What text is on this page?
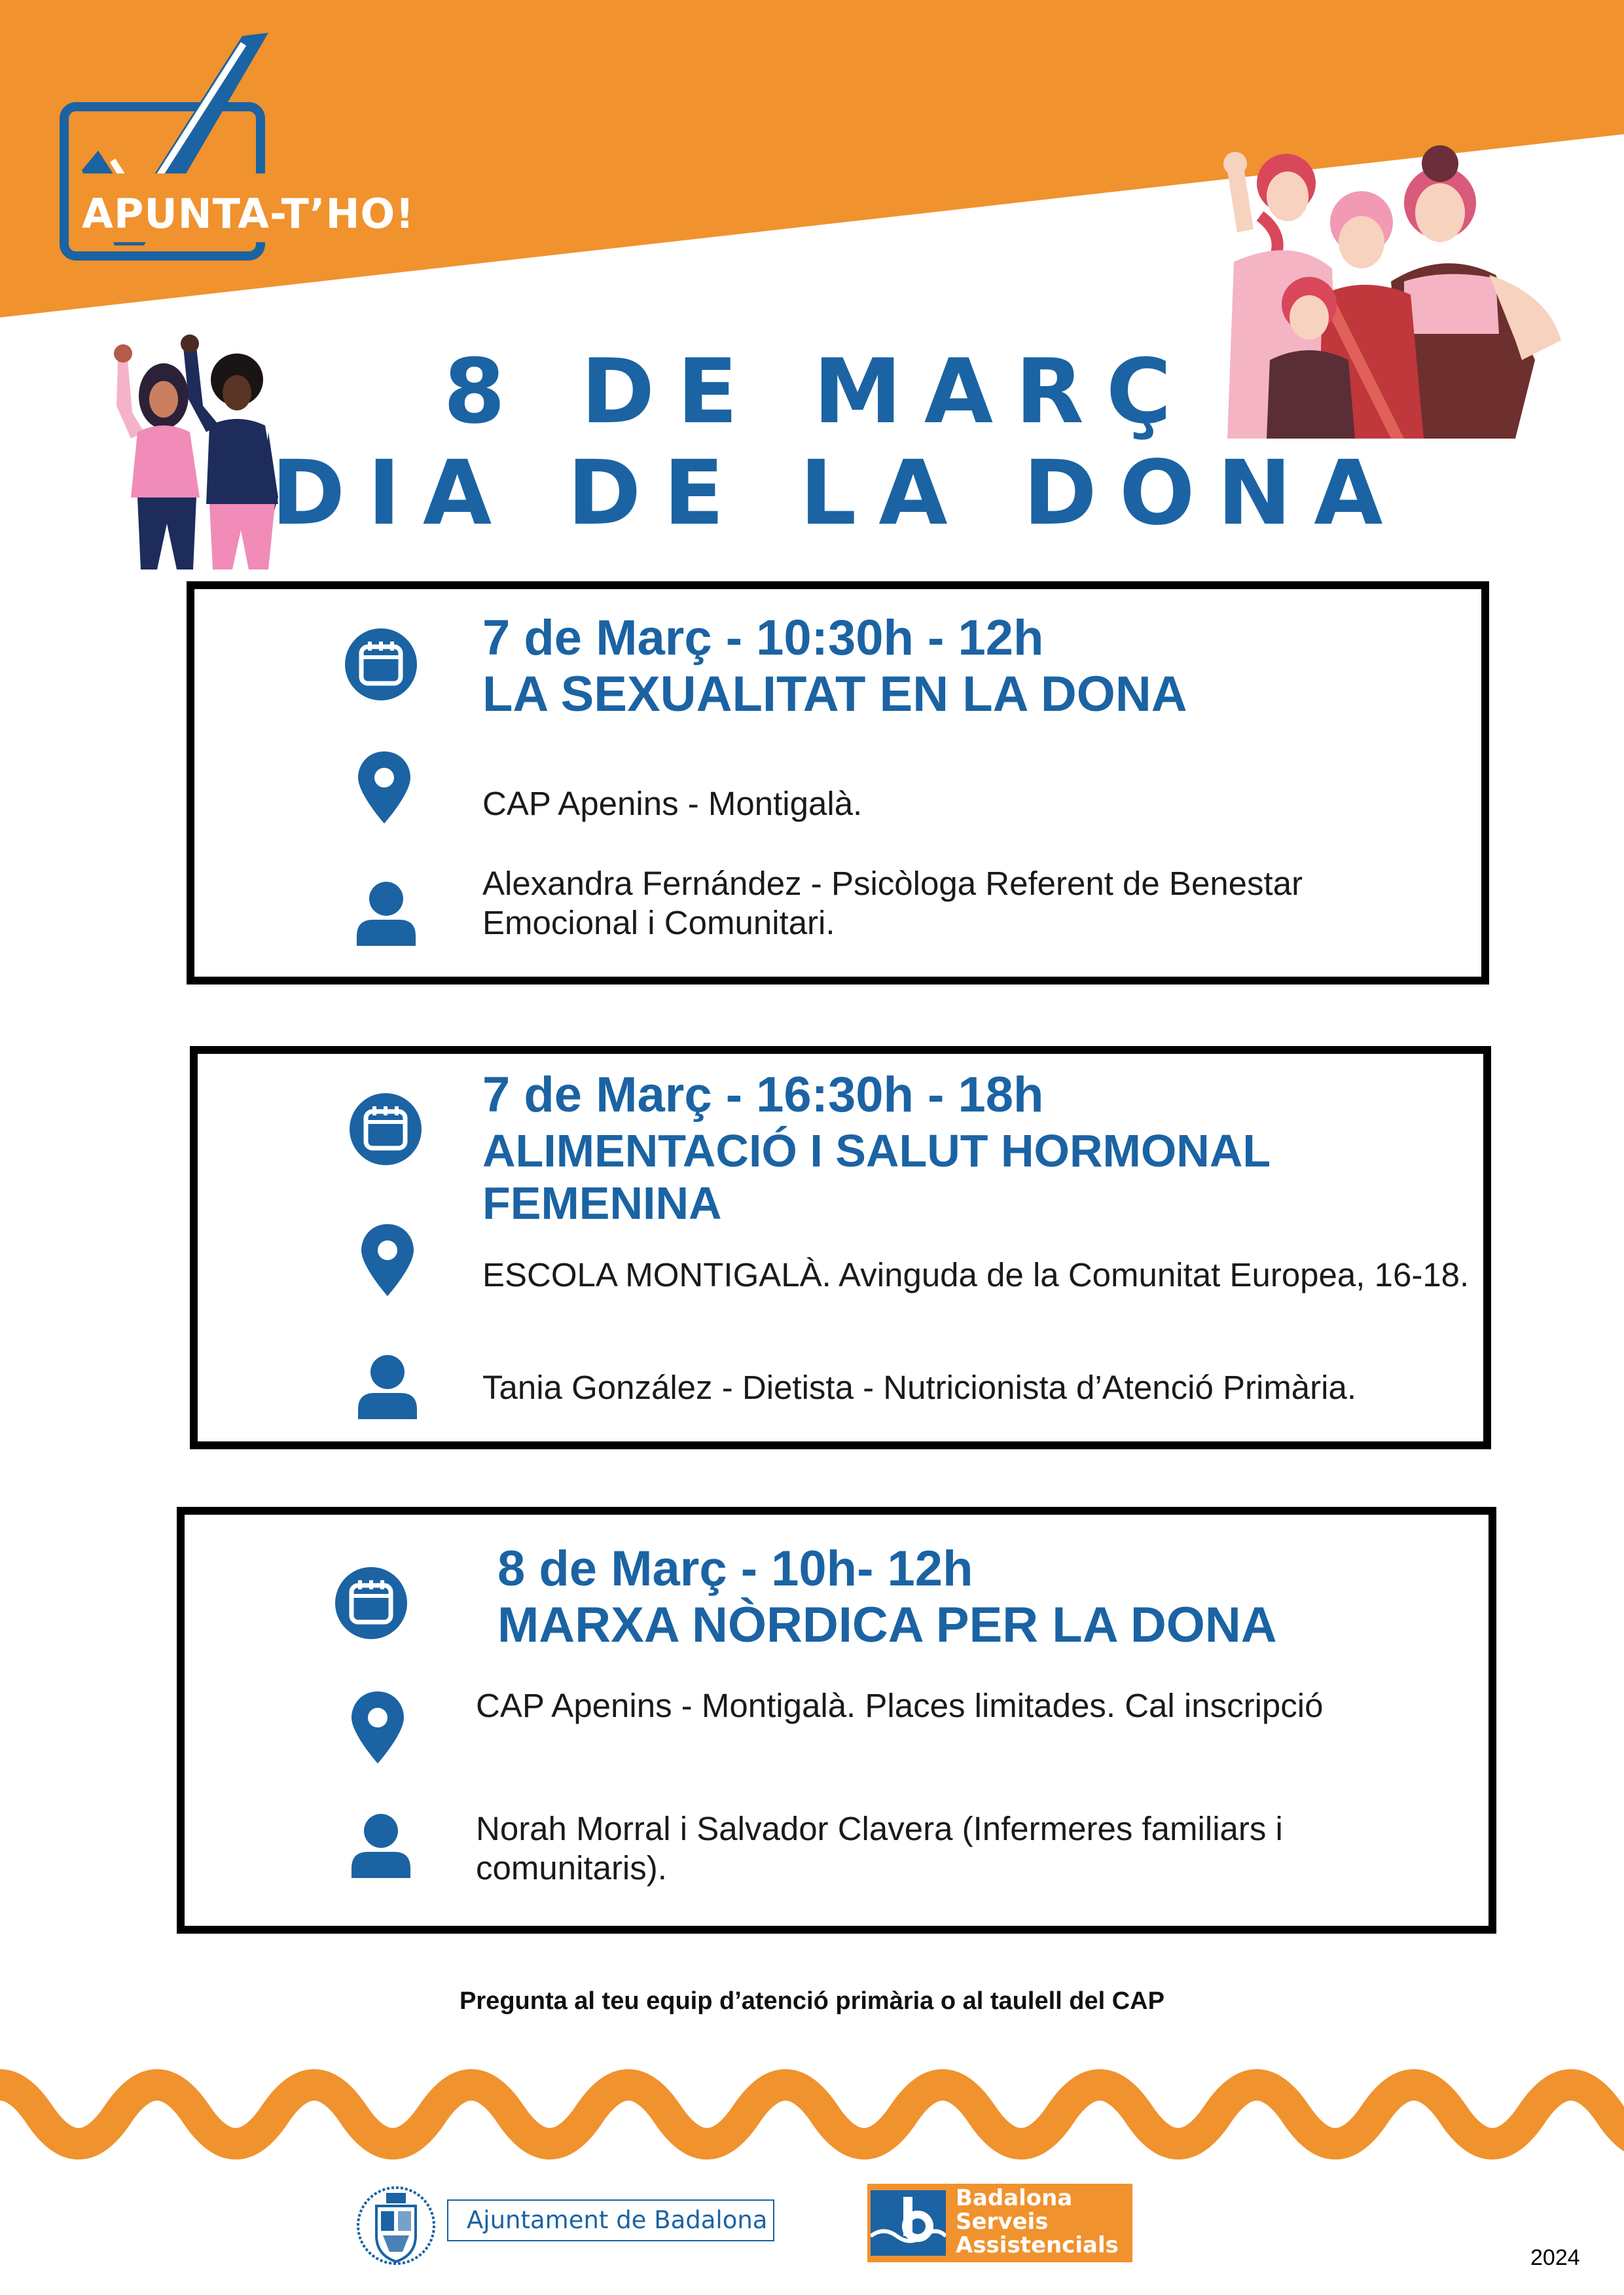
APUNTA-T’HO!
8 DE MARÇ
DIA DE LA DONA
7 de Març - 10:30h - 12h
LA SEXUALITAT EN LA DONA
CAP Apenins - Montigalà.
Alexandra Fernández - Psicòloga Referent de Benestar Emocional i Comunitari.
7 de Març - 16:30h - 18h
ALIMENTACIÓ I SALUT HORMONAL
FEMENINA
ESCOLA MONTIGALÀ. Avinguda de la Comunitat Europea, 16-18.
Tania González - Dietista - Nutricionista d’Atenció Primària.
8 de Març - 10h- 12h
MARXA NÒRDICA PER LA DONA
CAP Apenins - Montigalà. Places limitades. Cal inscripció
Norah Morral i Salvador Clavera (Infermeres familiars i comunitaris).
Pregunta al teu equip d’atenció primària o al taulell del CAP
Ajuntament de Badalona
Badalona
Serveis
Assistencials	2024
